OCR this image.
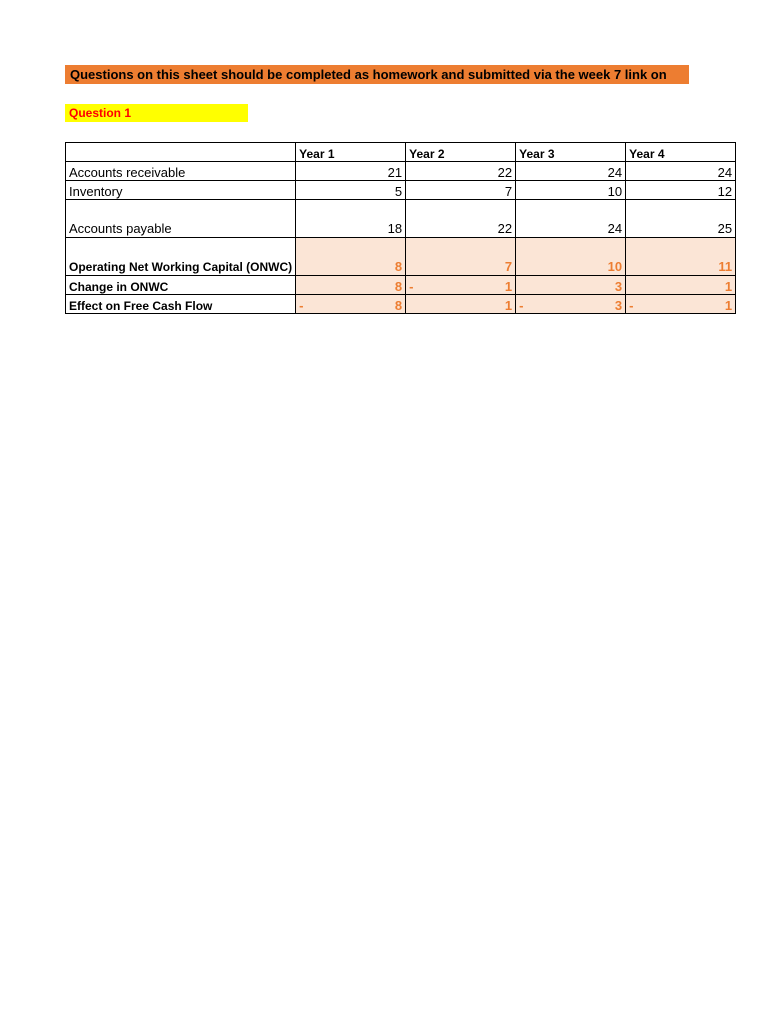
Questions on this sheet should be completed as homework and submitted via the week 7 link on
Question 1
	Year 1	Year 2	Year 3	Year 4
Accounts receivable	21	22	24	24
Inventory	5	7	10	12
Accounts payable	18	22	24	25
Operating Net Working Capital (ONWC)	8	7	10	11
Change in ONWC	8	- 1	3	1
Effect on Free Cash Flow	- 8	1	- 3	- 1
